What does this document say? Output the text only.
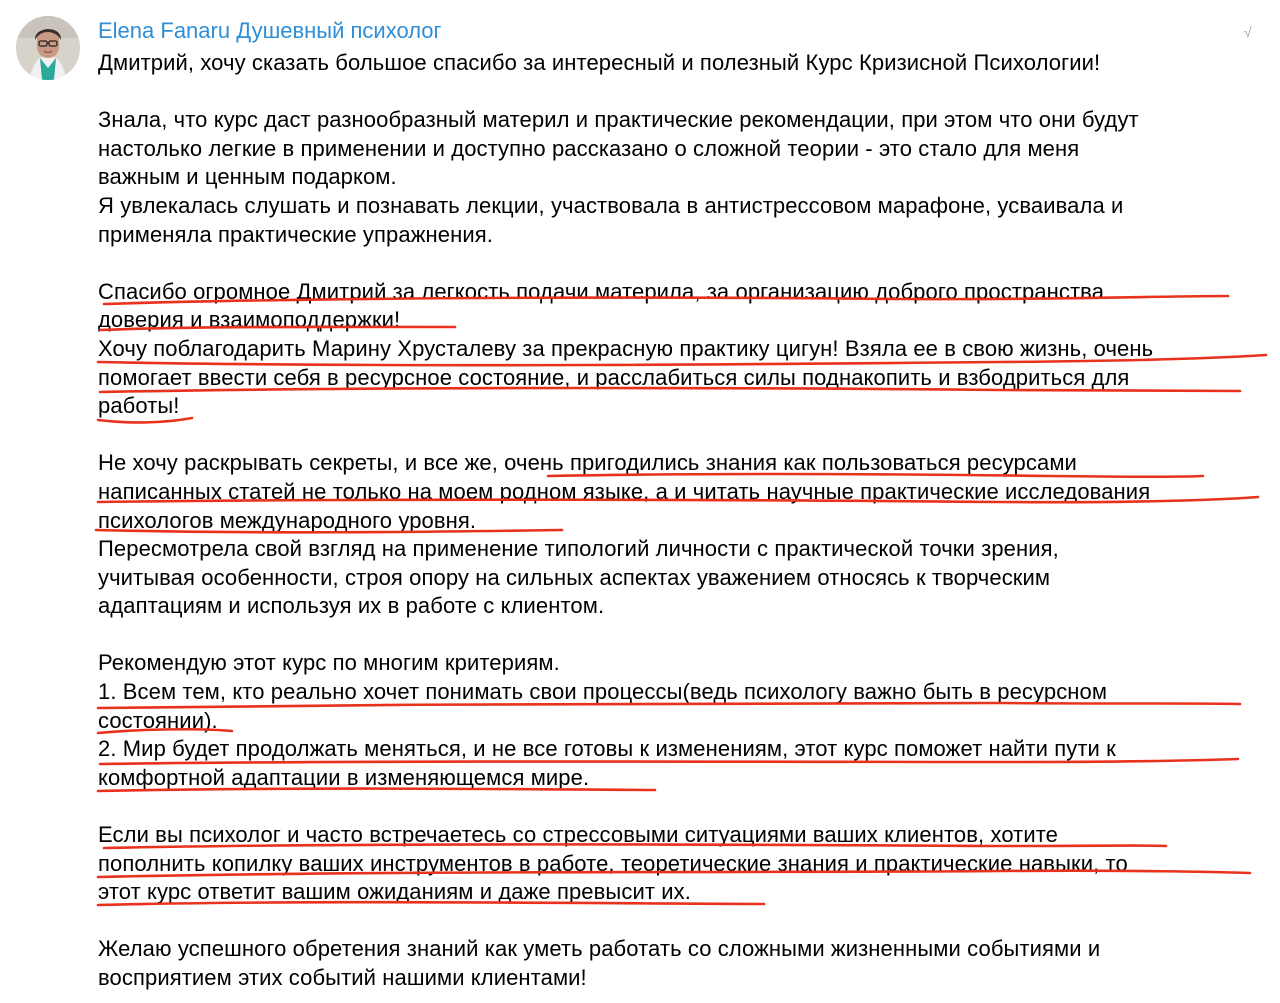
Elena Fanaru Душевный психолог	√
Дмитрий, хочу сказать большое спасибо за интересный и полезный Курс Кризисной Психологии!
Знала, что курс даст разнообразный материл и практические рекомендации, при этом что они будут
настолько легкие в применении и доступно рассказано о сложной теории - это стало для меня
важным и ценным подарком.
Я увлекалась слушать и познавать лекции, участвовала в антистрессовом марафоне, усваивала и
применяла практические упражнения.
Спасибо огромное Дмитрий за легкость подачи материла, за организацию доброго пространства
доверия и взаимоподдержки!
Хочу поблагодарить Марину Хрусталеву за прекрасную практику цигун! Взяла ее в свою жизнь, очень
помогает ввести себя в ресурсное состояние, и расслабиться силы поднакопить и взбодриться для
работы!
Не хочу раскрывать секреты, и все же, очень пригодились знания как пользоваться ресурсами
написанных статей не только на моем родном языке, а и читать научные практические исследования
психологов международного уровня.
Пересмотрела свой взгляд на применение типологий личности с практической точки зрения,
учитывая особенности, строя опору на сильных аспектах уважением относясь к творческим
адаптациям и используя их в работе с клиентом.
Рекомендую этот курс по многим критериям.
1. Всем тем, кто реально хочет понимать свои процессы(ведь психологу важно быть в ресурсном
состоянии).
2. Мир будет продолжать меняться, и не все готовы к изменениям, этот курс поможет найти пути к
комфортной адаптации в изменяющемся мире.
Если вы психолог и часто встречаетесь со стрессовыми ситуациями ваших клиентов, хотите
пополнить копилку ваших инструментов в работе, теоретические знания и практические навыки, то
этот курс ответит вашим ожиданиям и даже превысит их.
Желаю успешного обретения знаний как уметь работать со сложными жизненными событиями и
восприятием этих событий нашими клиентами!
